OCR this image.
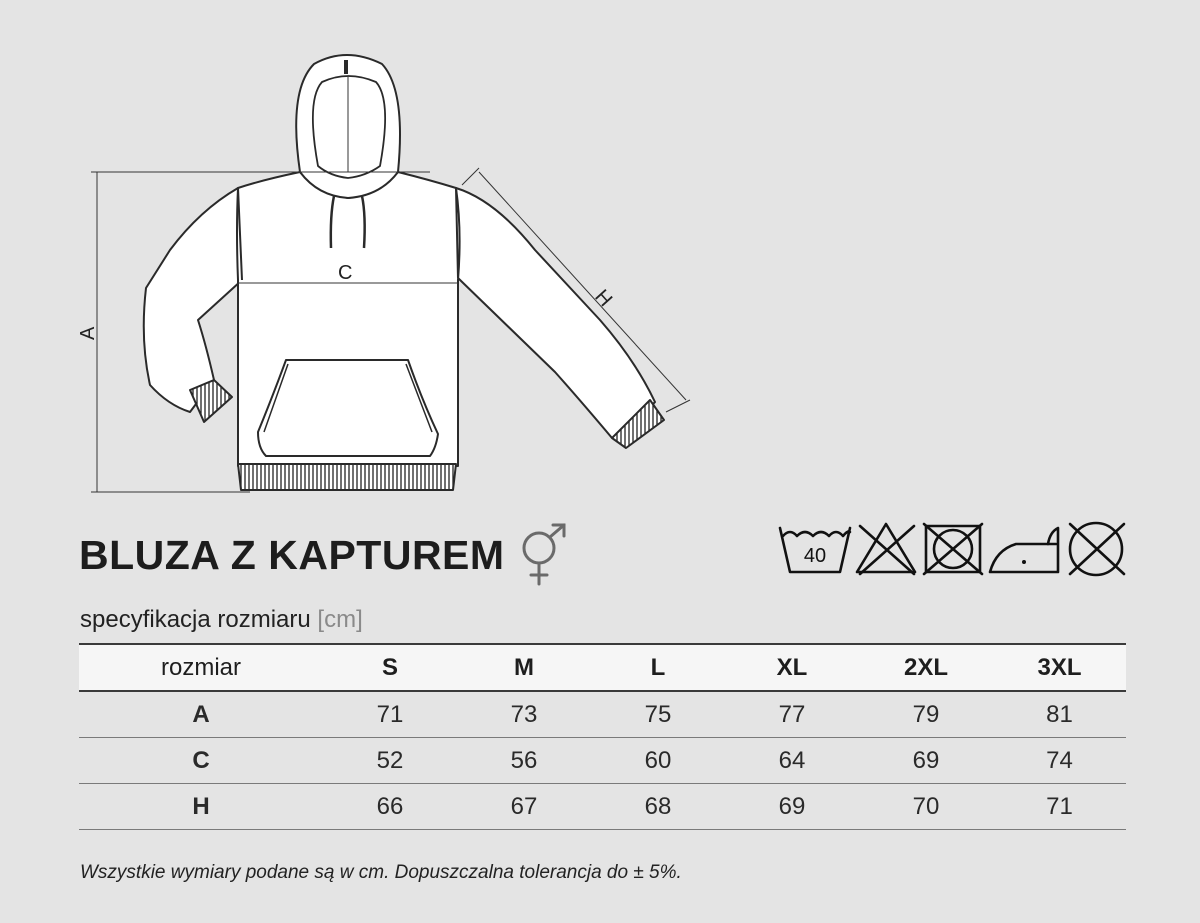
A
C
H
BLUZA Z KAPTUREM	40
specyfikacja rozmiaru [cm]
rozmiar	S	M	L	XL	2XL	3XL
A	71	73	75	77	79	81
C	52	56	60	64	69	74
H	66	67	68	69	70	71
Wszystkie wymiary podane są w cm. Dopuszczalna tolerancja do ± 5%.
